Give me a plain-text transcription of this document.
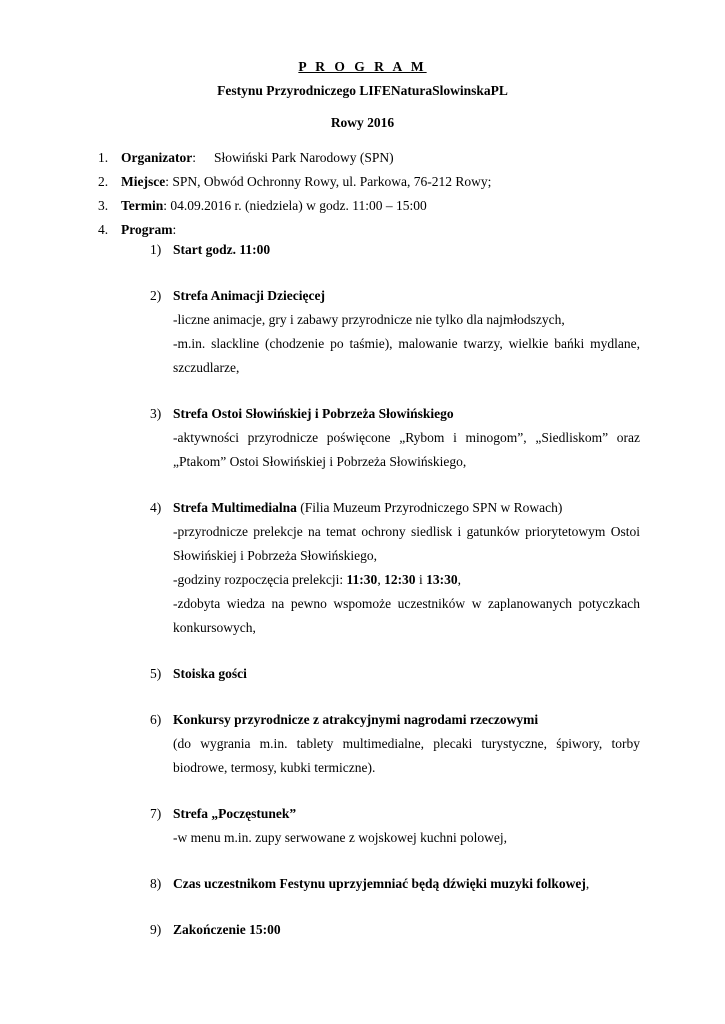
P R O G R A M
Festynu Przyrodniczego LIFENaturaSlowinskaPL
Rowy 2016
1. Organizator : Słowiński Park Narodowy (SPN)
2. Miejsce : SPN, Obwód Ochronny Rowy, ul. Parkowa, 76-212 Rowy;
3. Termin : 04.09.2016 r. (niedziela) w godz. 11:00 – 15:00
4. Program :
1) Start godz. 11:00
2) Strefa Animacji Dziecięcej
-liczne animacje, gry i zabawy przyrodnicze nie tylko dla najmłodszych,
-m.in. slackline (chodzenie po taśmie), malowanie twarzy, wielkie bańki mydlane,
szczudlarze,
3) Strefa Ostoi Słowińskiej i Pobrzeża Słowińskiego
-aktywności przyrodnicze poświęcone „Rybom i minogom”, „Siedliskom” oraz
„Ptakom” Ostoi Słowińskiej i Pobrzeża Słowińskiego,
4) Strefa Multimedialna (Filia Muzeum Przyrodniczego SPN w Rowach)
-przyrodnicze prelekcje na temat ochrony siedlisk i gatunków priorytetowym Ostoi
Słowińskiej i Pobrzeża Słowińskiego,
-godziny rozpoczęcia prelekcji: 11:30, 12:30 i 13:30,
-zdobyta wiedza na pewno wspomoże uczestników w zaplanowanych potyczkach
konkursowych,
5) Stoiska gości
6) Konkursy przyrodnicze z atrakcyjnymi nagrodami rzeczowymi
(do wygrania m.in. tablety multimedialne, plecaki turystyczne, śpiwory, torby
biodrowe, termosy, kubki termiczne).
7) Strefa „Poczęstunek”
-w menu m.in. zupy serwowane z wojskowej kuchni polowej,
8) Czas uczestnikom Festynu uprzyjemniać będą dźwięki muzyki folkowej,
9) Zakończenie 15:00
